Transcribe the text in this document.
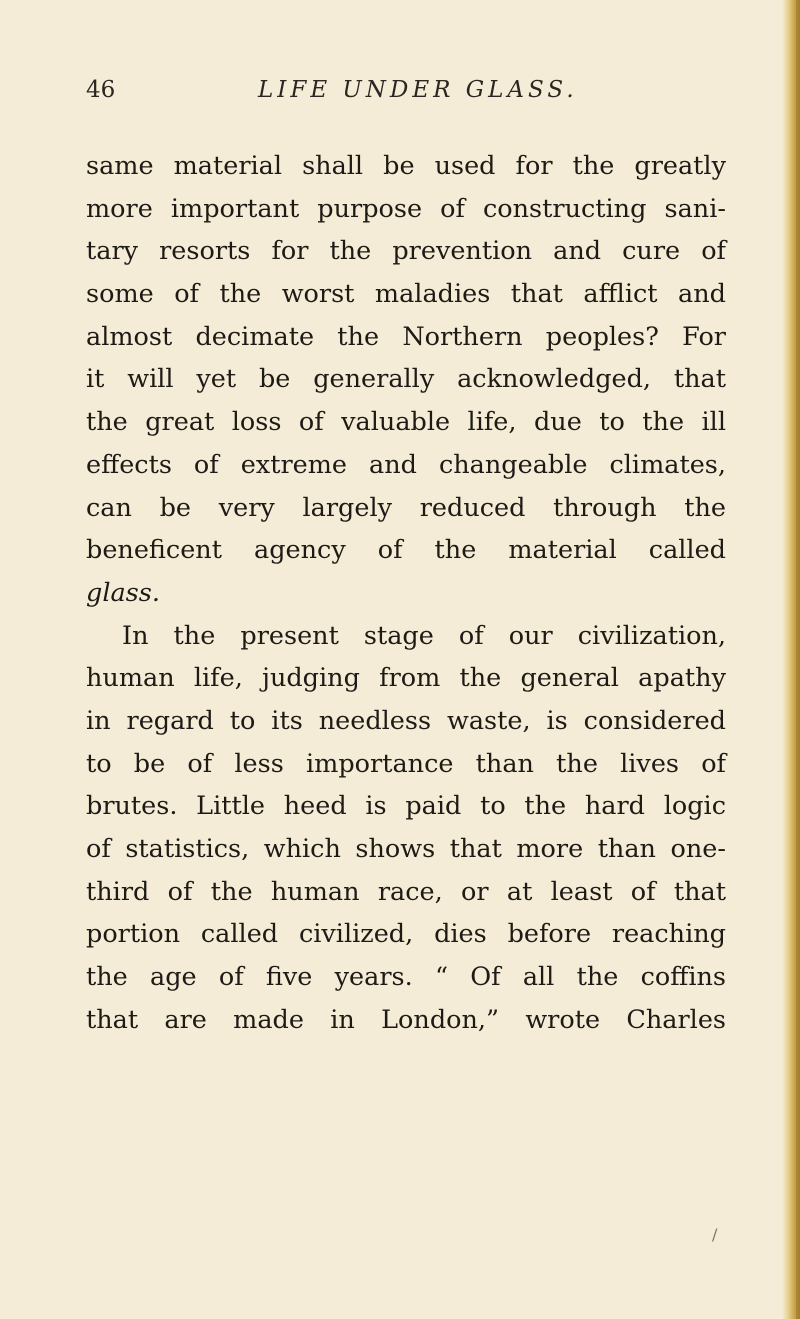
46	LIFE UNDER GLASS.
same material shall be used for the greatly
more important purpose of constructing sani-
tary resorts for the prevention and cure of
some of the worst maladies that afflict and
almost decimate the Northern peoples? For
it will yet be generally acknowledged, that
the great loss of valuable life, due to the ill
effects of extreme and changeable climates,
can be very largely reduced through the
beneficent agency of the material called
glass.
In the present stage of our civilization,
human life, judging from the general apathy
in regard to its needless waste, is considered
to be of less importance than the lives of
brutes. Little heed is paid to the hard logic
of statistics, which shows that more than one-
third of the human race, or at least of that
portion called civilized, dies before reaching
the age of five years. “ Of all the coffins
that are made in London,” wrote Charles
/
